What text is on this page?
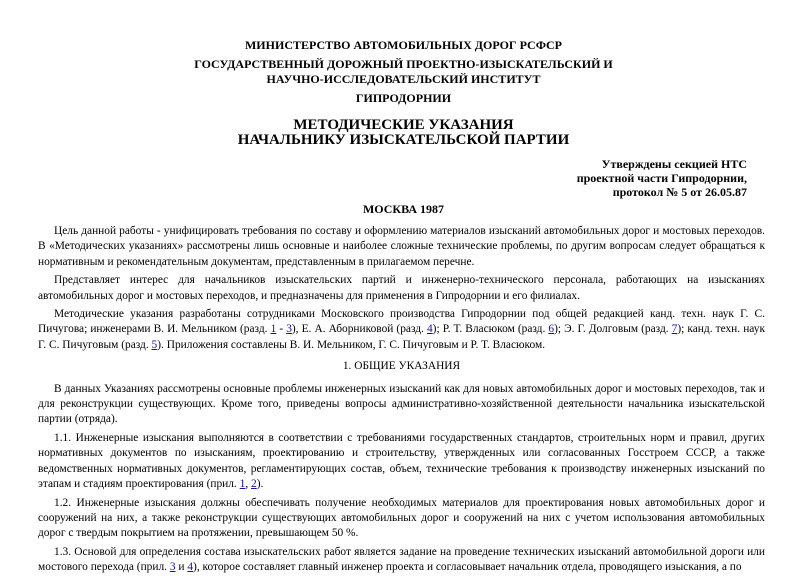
МИНИСТЕРСТВО АВТОМОБИЛЬНЫХ ДОРОГ РСФСР
ГОСУДАРСТВЕННЫЙ ДОРОЖНЫЙ ПРОЕКТНО-ИЗЫСКАТЕЛЬСКИЙ И
НАУЧНО-ИССЛЕДОВАТЕЛЬСКИЙ ИНСТИТУТ
ГИПРОДОРНИИ
МЕТОДИЧЕСКИЕ УКАЗАНИЯ
НАЧАЛЬНИКУ ИЗЫСКАТЕЛЬСКОЙ ПАРТИИ
Утверждены секцией НТС
проектной части Гипродорнии,
протокол № 5 от 26.05.87
МОСКВА 1987

Цель данной работы - унифицировать требования по составу и оформлению материалов изысканий автомобильных дорог и мостовых переходов. В «Методических указаниях» рассмотрены лишь основные и наиболее сложные технические проблемы, по другим вопросам следует обращаться к нормативным и рекомендательным документам, представленным в прилагаемом перечне.

Представляет интерес для начальников изыскательских партий и инженерно-технического персонала, работающих на изысканиях автомобильных дорог и мостовых переходов, и предназначены для применения в Гипродорнии и его филиалах.

Методические указания разработаны сотрудниками Московского производства Гипродорнии под общей редакцией канд. техн. наук Г. С. Пичугова; инженерами В. И. Мельником (разд. 1 - 3), Е. А. Аборниковой (разд. 4); Р. Т. Власюком (разд. 6); Э. Г. Долговым (разд. 7); канд. техн. наук Г. С. Пичуговым (разд. 5). Приложения составлены В. И. Мельником, Г. С. Пичуговым и Р. Т. Власюком.

1. ОБЩИЕ УКАЗАНИЯ

В данных Указаниях рассмотрены основные проблемы инженерных изысканий как для новых автомобильных дорог и мостовых переходов, так и для реконструкции существующих. Кроме того, приведены вопросы административно-хозяйственной деятельности начальника изыскательской партии (отряда).

1.1. Инженерные изыскания выполняются в соответствии с требованиями государственных стандартов, строительных норм и правил, других нормативных документов по изысканиям, проектированию и строительству, утвержденных или согласованных Госстроем СССР, а также ведомственных нормативных документов, регламентирующих состав, объем, технические требования к производству инженерных изысканий по этапам и стадиям проектирования (прил. 1, 2).

1.2. Инженерные изыскания должны обеспечивать получение необходимых материалов для проектирования новых автомобильных дорог и сооружений на них, а также реконструкции существующих автомобильных дорог и сооружений на них с учетом использования автомобильных дорог с твердым покрытием на протяжении, превышающем 50 %.

1.3. Основой для определения состава изыскательских работ является задание на проведение технических изысканий автомобильной дороги или мостового перехода (прил. 3 и 4), которое составляет главный инженер проекта и согласовывает начальник отдела, проводящего изыскания, а по
